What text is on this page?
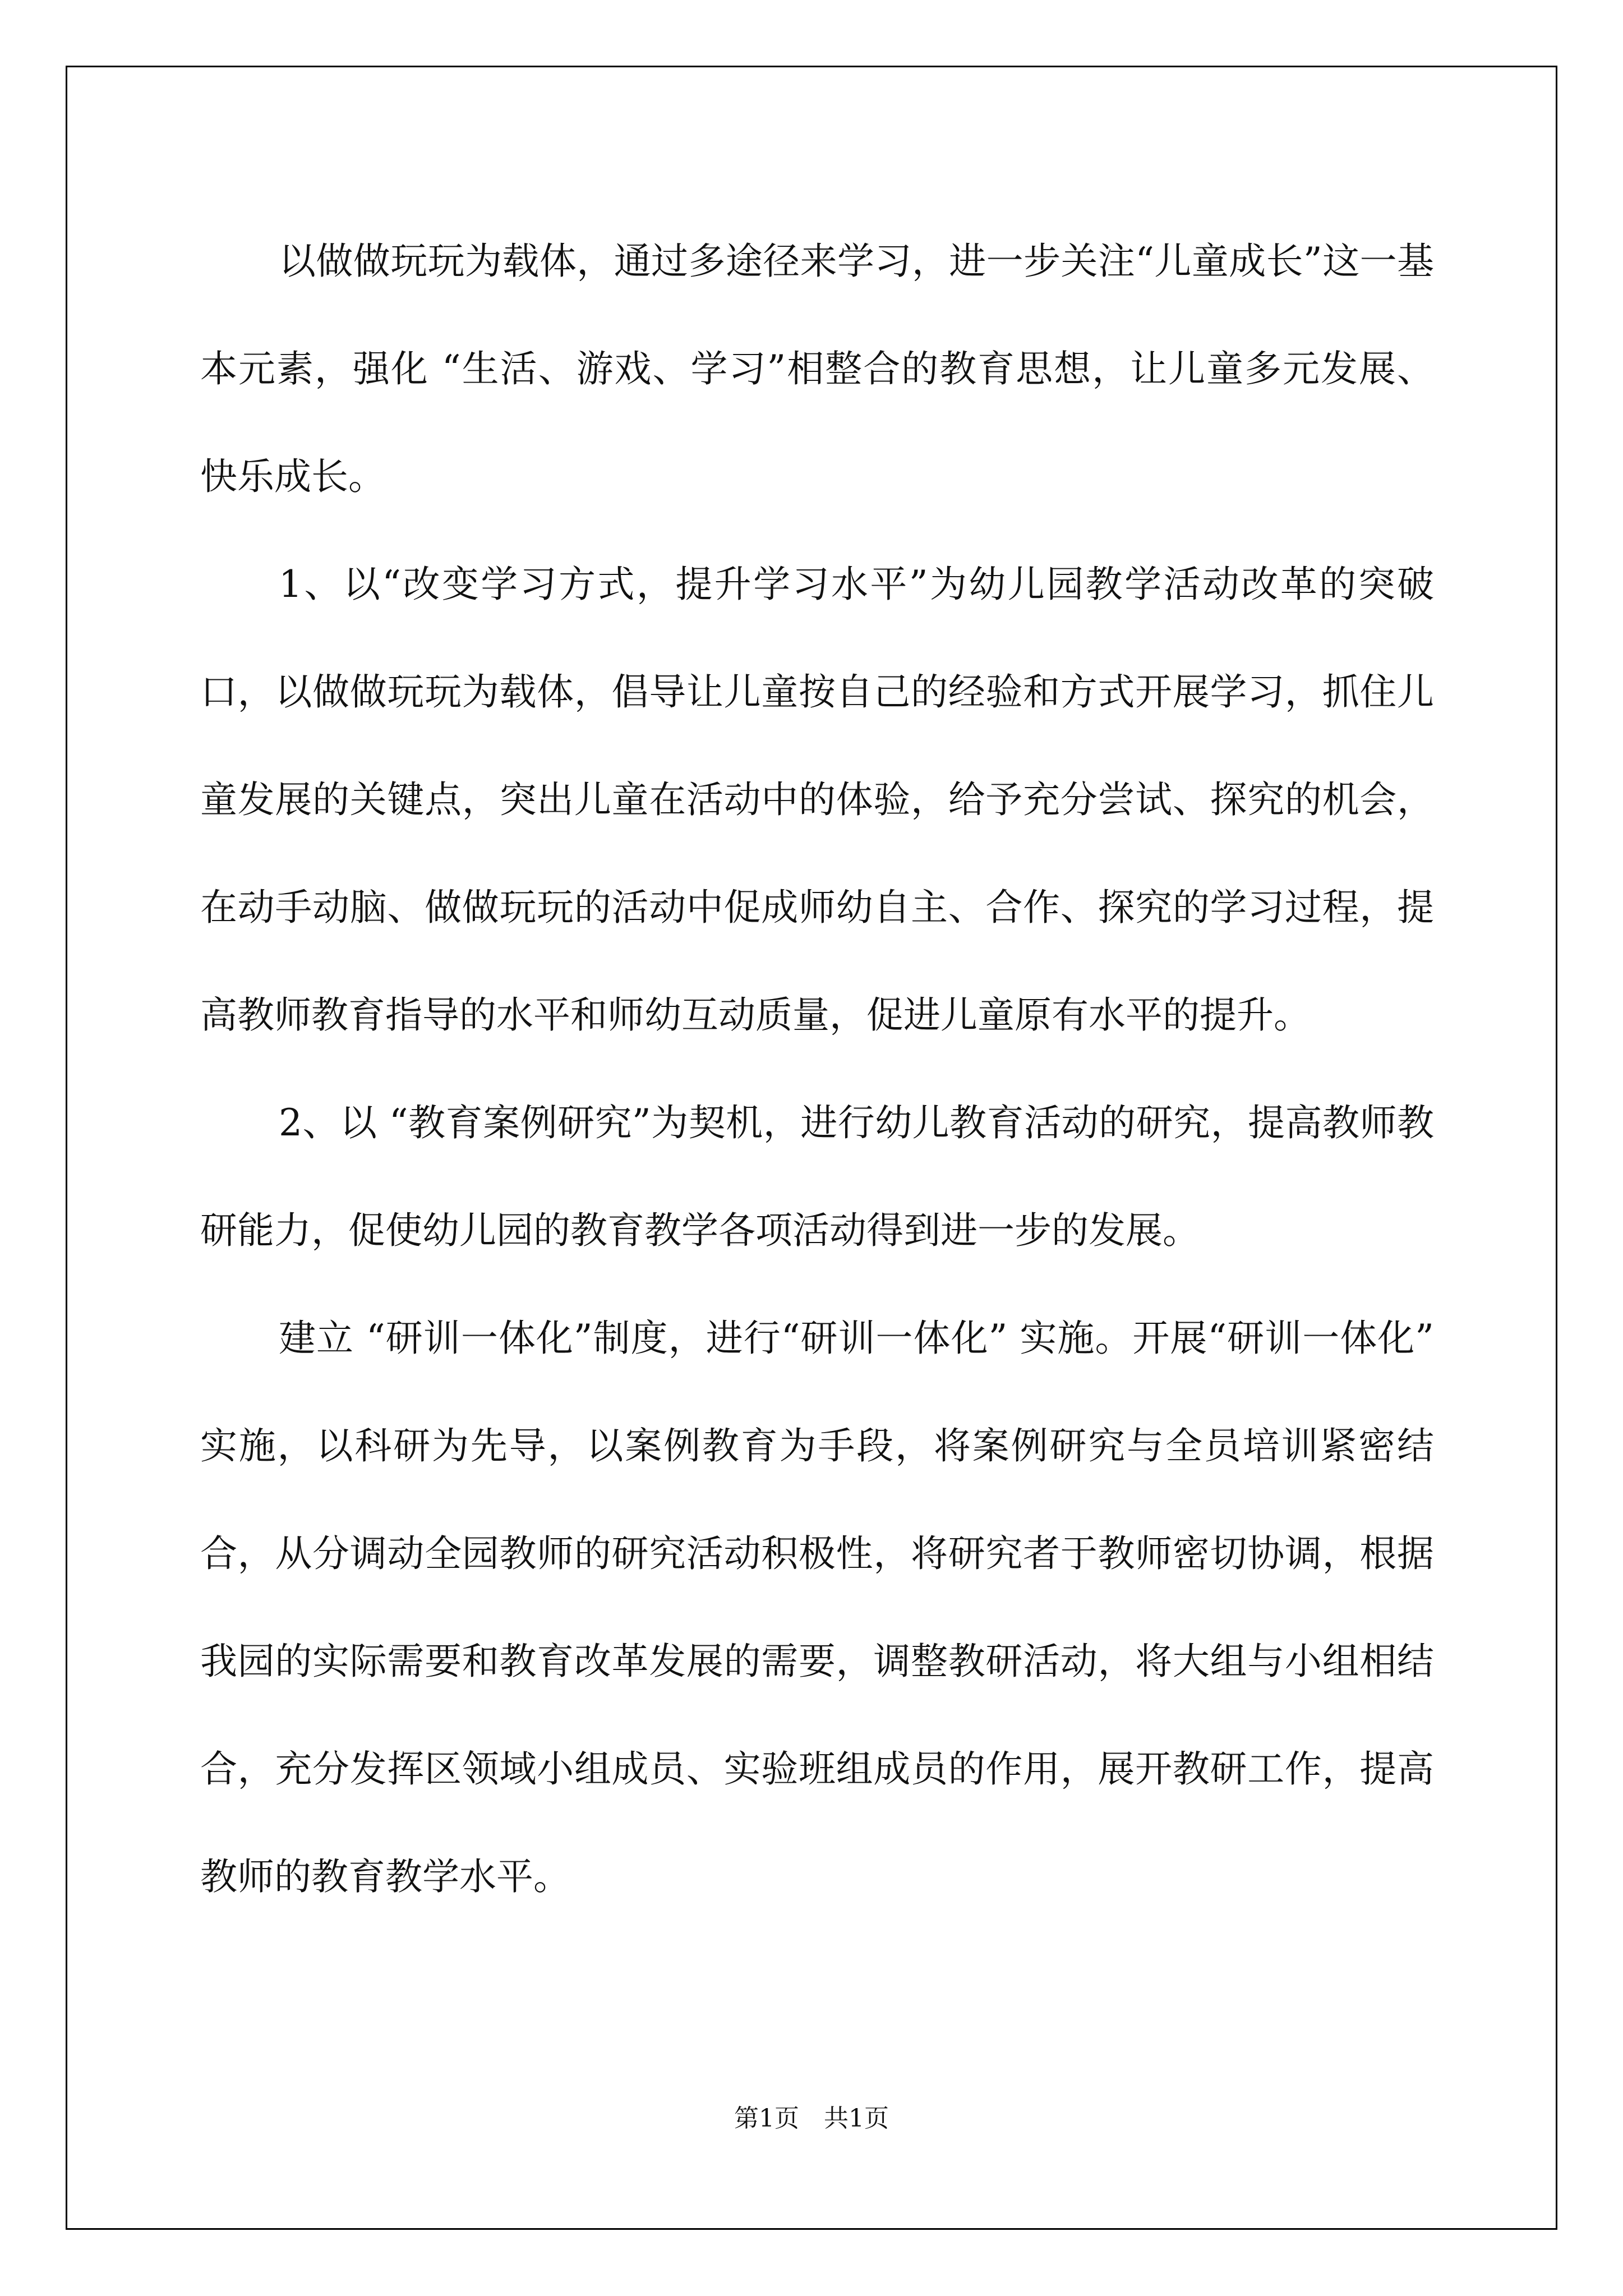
以做做玩玩为载体，通过多途径来学习，进一步关注“儿童成长”这一基本元素，强化 “生活、游戏、学习”相整合的教育思想，让儿童多元发展、快乐成长。

1、以“改变学习方式，提升学习水平”为幼儿园教学活动改革的突破口，以做做玩玩为载体，倡导让儿童按自己的经验和方式开展学习，抓住儿童发展的关键点，突出儿童在活动中的体验，给予充分尝试、探究的机会，在动手动脑、做做玩玩的活动中促成师幼自主、合作、探究的学习过程，提高教师教育指导的水平和师幼互动质量，促进儿童原有水平的提升。

2、以 “教育案例研究”为契机，进行幼儿教育活动的研究，提高教师教研能力，促使幼儿园的教育教学各项活动得到进一步的发展。

建立 “研训一体化”制度，进行“研训一体化” 实施。开展“研训一体化” 实施，以科研为先导，以案例教育为手段，将案例研究与全员培训紧密结合，从分调动全园教师的研究活动积极性，将研究者于教师密切协调，根据我园的实际需要和教育改革发展的需要，调整教研活动，将大组与小组相结合，充分发挥区领域小组成员、实验班组成员的作用，展开教研工作，提高教师的教育教学水平。

第1页 共1页
